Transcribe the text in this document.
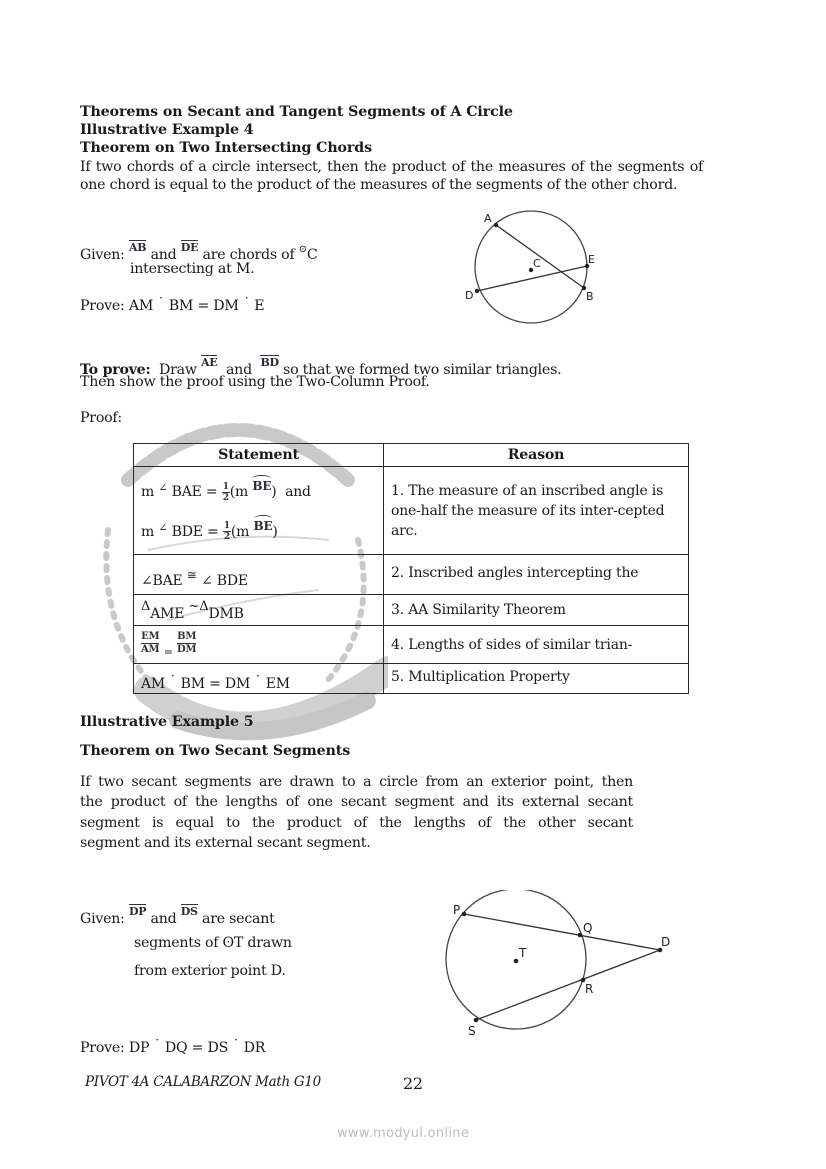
Theorems on Secant and Tangent Segments of A Circle
Illustrative Example 4
Theorem on Two Intersecting Chords
If two chords of a circle intersect, then the product of the measures of the segments of one chord is equal to the product of the measures of the segments of the other chord.
Given: AB and DE are chords of ⊙C
intersecting at M.
Prove: AM · BM = DM · E
A
B
C
D
E
To prove: Draw AE and BD so that we formed two similar triangles.
Then show the proof using the Two-Column Proof.
Proof:
Statement	Reason

m ∠ BAE = $\frac{1}{2} (m$ BE) and
m ∠ BDE = $\frac{1}{2} (m$ BE)
	1. The measure of an inscribed angle is one-half the measure of its inter-cepted arc.
∠BAE ≅ ∠ BDE	2. Inscribed angles intercepting the
ΔAME ~ΔDMB	3. AA Similarity Theorem

$\frac{EM}{AM} _= \frac{BM}{DM}$	4. Lengths of sides of similar trian-
AM · BM = DM · EM	5. Multiplication Property
Illustrative Example 5
Theorem on Two Secant Segments
If two secant segments are drawn to a circle from an exterior point, then
the product of the lengths of one secant segment and its external secant
segment is equal to the product of the lengths of the other secant
segment and its external secant segment.
Given: DP and DS are secant
segments of ʘT drawn
from exterior point D.
Prove: DP · DQ = DS · DR
P
Q
D
T
R
S
PIVOT 4A CALABARZON Math G10	22
www.modyul.online
